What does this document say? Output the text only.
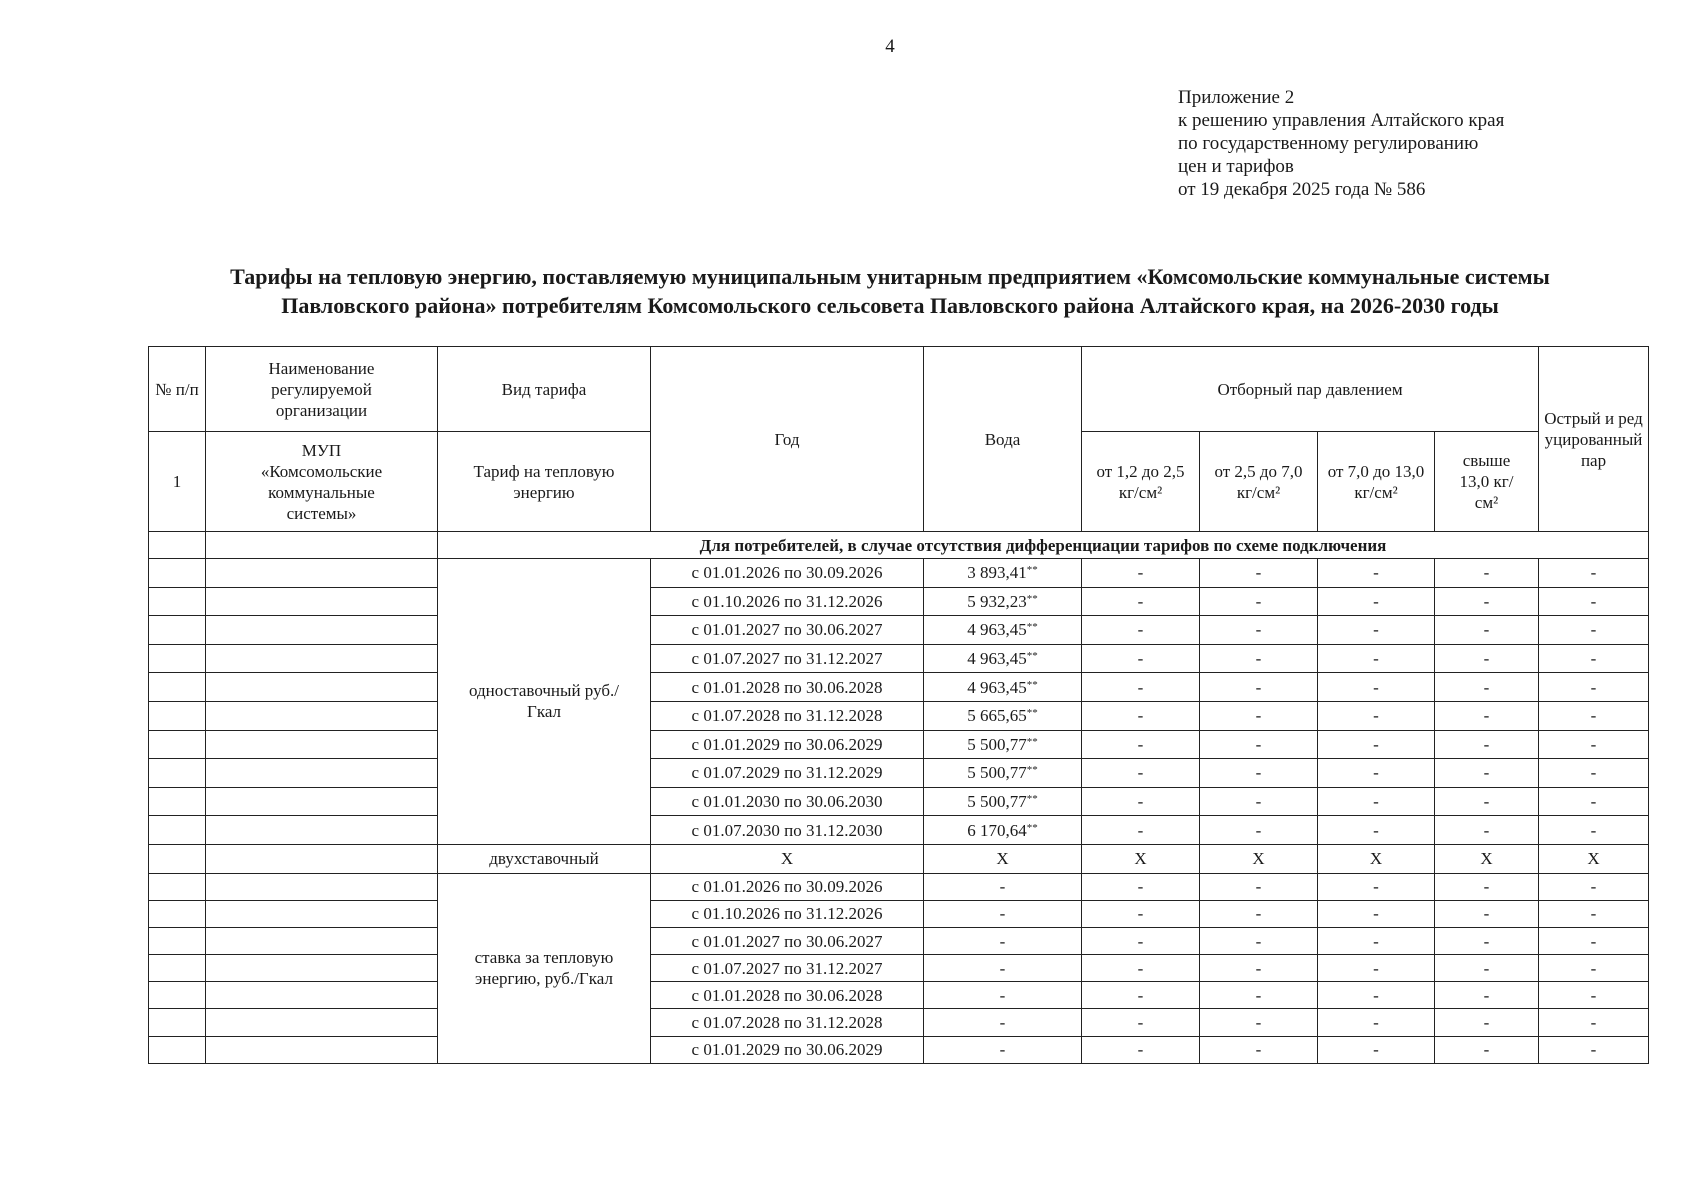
4
Приложение 2
к решению управления Алтайского края
по государственному регулированию
цен и тарифов
от 19 декабря 2025 года № 586
Тарифы на тепловую энергию, поставляемую муниципальным унитарным предприятием «Комсомольские коммунальные системы
Павловского района» потребителям Комсомольского сельсовета Павловского района Алтайского края, на 2026-2030 годы
№ п/п	Наименование регулируемой организации	Вид тарифа	Год	Вода	Отборный пар давлением				Острый и редуцированный пар
1	МУП «Комсомольские коммунальные системы»	Тариф на тепловую энергию			от 1,2 до 2,5 кг/см²	от 2,5 до 7,0 кг/см²	от 7,0 до 13,0 кг/см²	свыше 13,0 кг/см²	
		Для потребителей, в случае отсутствия дифференциации тарифов по схеме подключения							
		одноставочный руб./Гкал	с 01.01.2026 по 30.09.2026	3 893,41**	-	-	-	-	-
			с 01.10.2026 по 31.12.2026	5 932,23**	-	-	-	-	-
			с 01.01.2027 по 30.06.2027	4 963,45**	-	-	-	-	-
			с 01.07.2027 по 31.12.2027	4 963,45**	-	-	-	-	-
			с 01.01.2028 по 30.06.2028	4 963,45**	-	-	-	-	-
			с 01.07.2028 по 31.12.2028	5 665,65**	-	-	-	-	-
			с 01.01.2029 по 30.06.2029	5 500,77**	-	-	-	-	-
			с 01.07.2029 по 31.12.2029	5 500,77**	-	-	-	-	-
			с 01.01.2030 по 30.06.2030	5 500,77**	-	-	-	-	-
			с 01.07.2030 по 31.12.2030	6 170,64**	-	-	-	-	-
		двухставочный	Х	Х	Х	Х	Х	Х	Х
		ставка за тепловую энергию, руб./Гкал	с 01.01.2026 по 30.09.2026	-	-	-	-	-	-
			с 01.10.2026 по 31.12.2026	-	-	-	-	-	-
			с 01.01.2027 по 30.06.2027	-	-	-	-	-	-
			с 01.07.2027 по 31.12.2027	-	-	-	-	-	-
			с 01.01.2028 по 30.06.2028	-	-	-	-	-	-
			с 01.07.2028 по 31.12.2028	-	-	-	-	-	-
			с 01.01.2029 по 30.06.2029	-	-	-	-	-	-
